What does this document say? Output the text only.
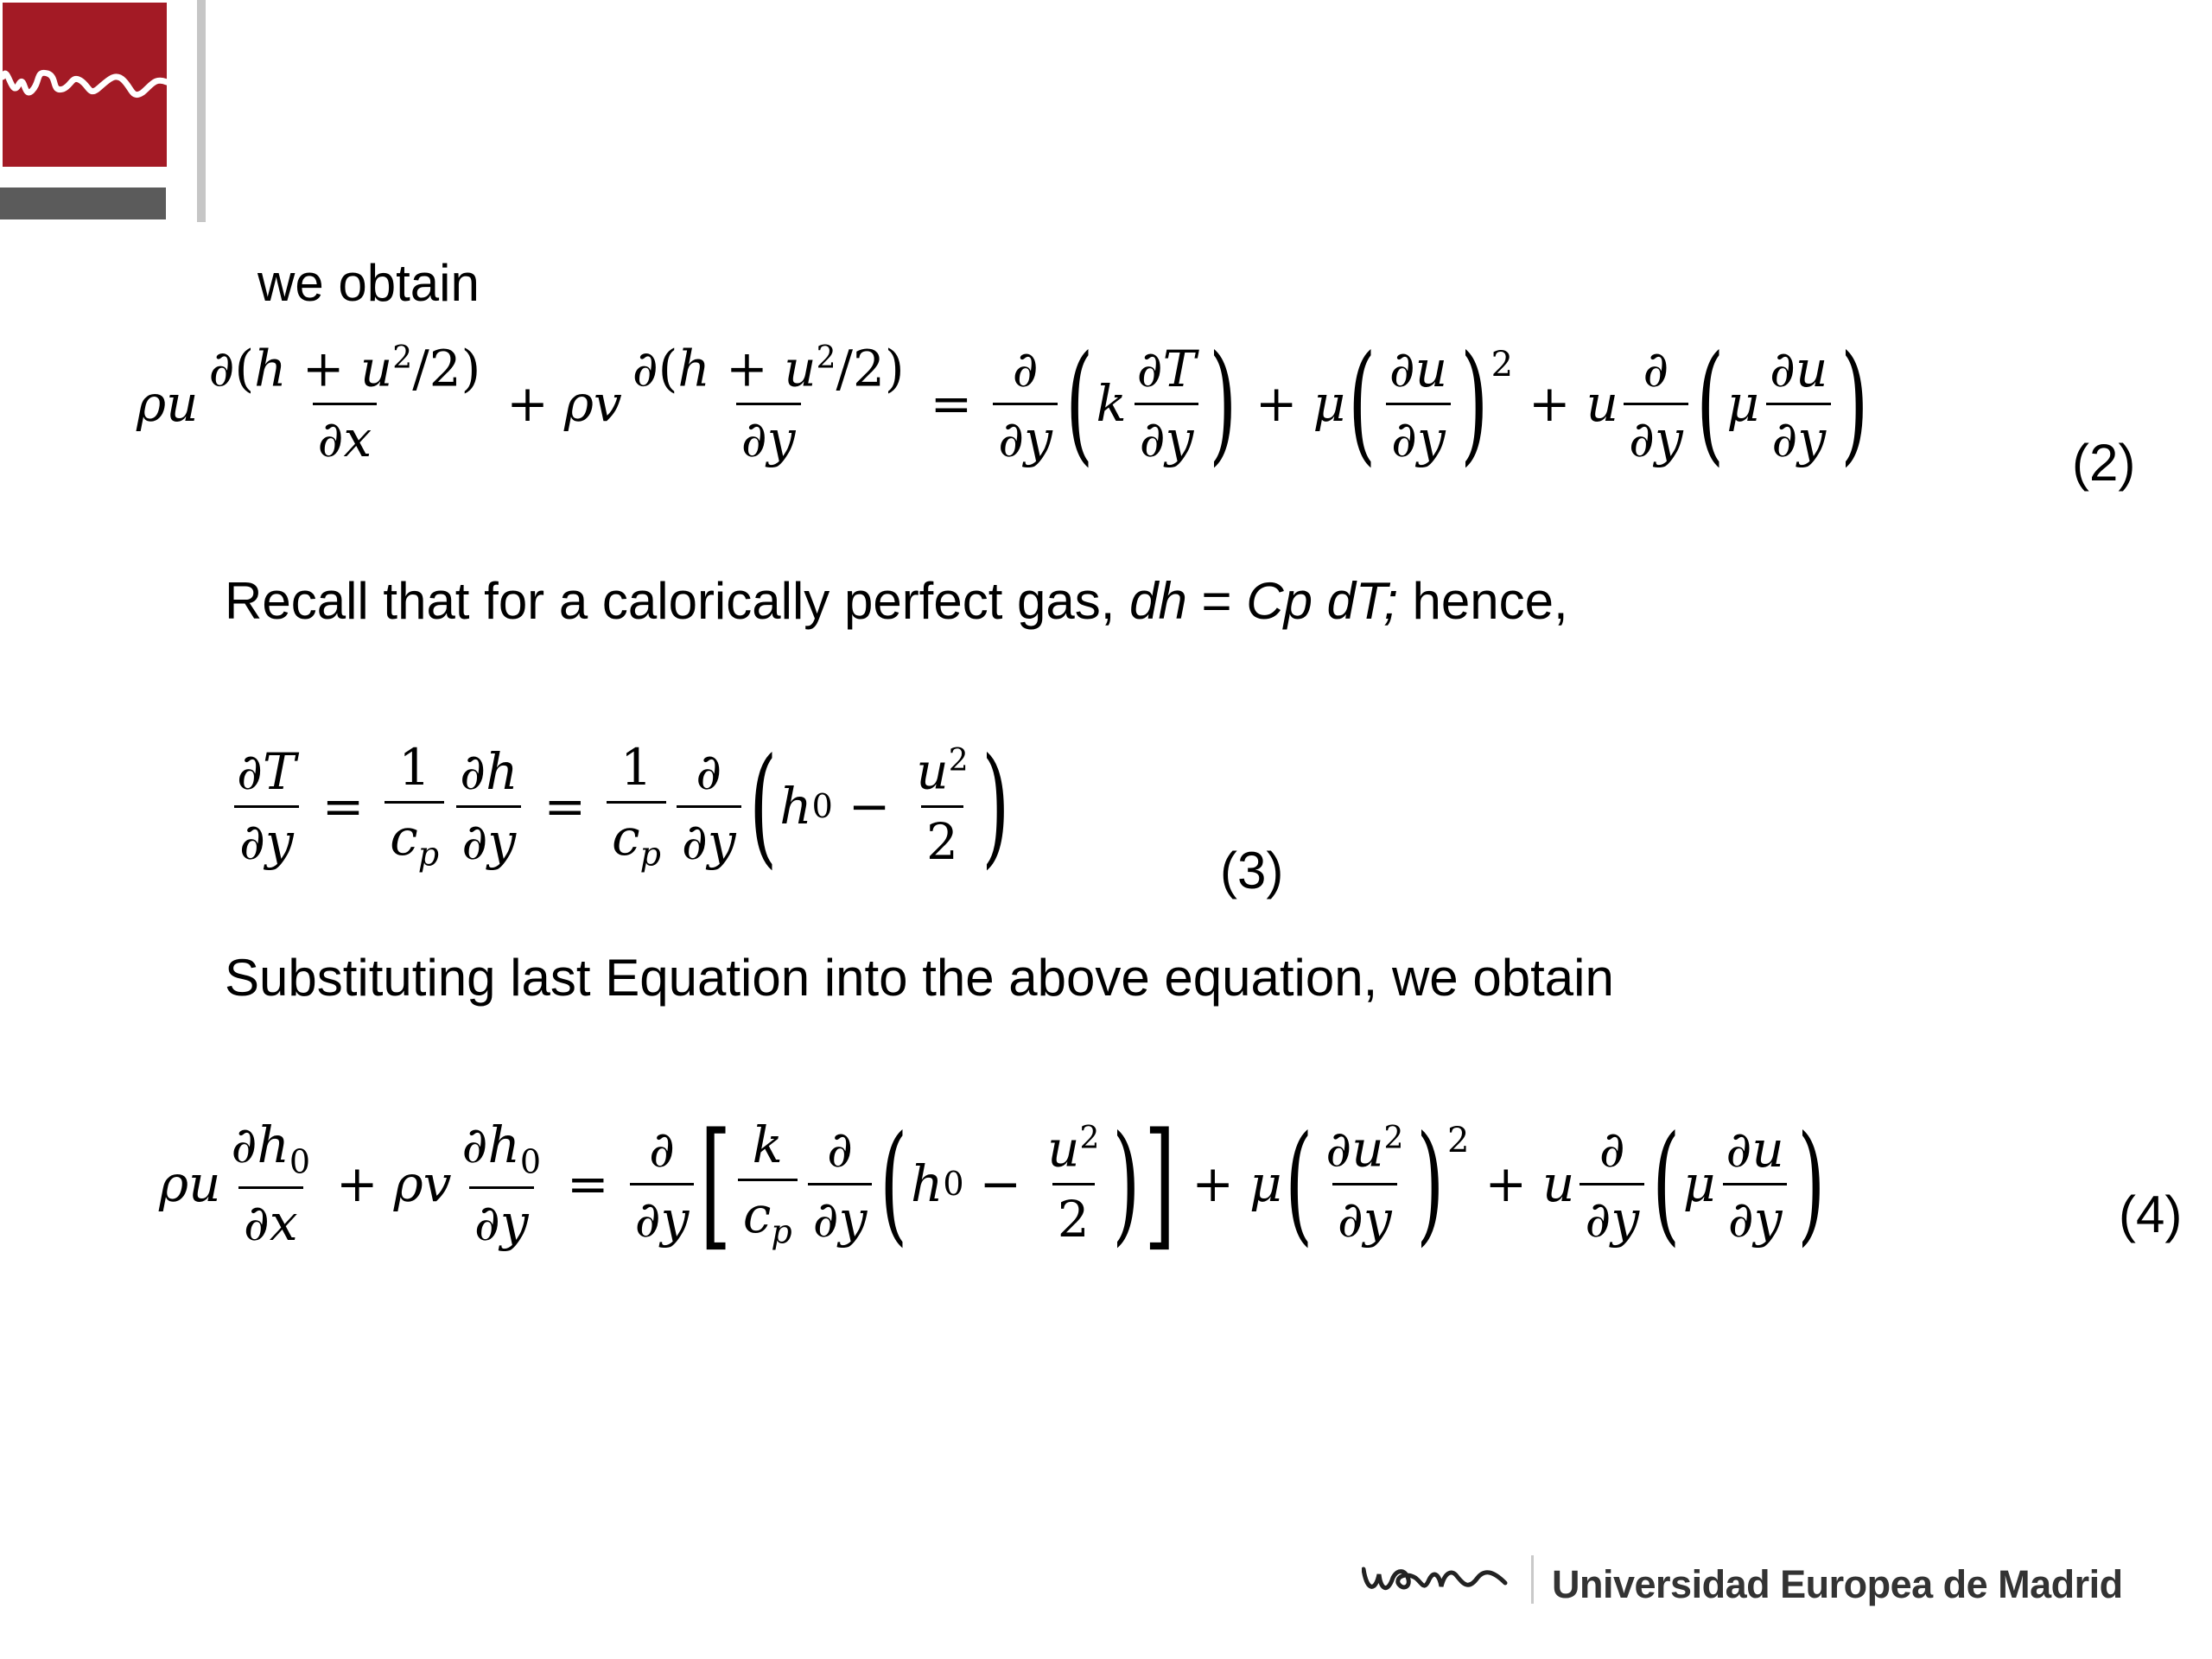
we obtain
ρu $\frac{\partial(h + u^2/2)}{\partial x} + \rho v \frac{\partial(h + u^2/2)}{\partial y} = \frac{\partial}{\partial y}$ ( k $\frac{\partial T}{\partial y}$ ) + μ ( $\frac{\partial u}{\partial y}$ ) 2
+ u $\frac{\partial}{\partial y}$ ( μ $\frac{\partial u}{\partial y}$ )	(2)
Recall that for a calorically perfect gas, dh = Cp dT; hence,
$\frac{\partial T}{\partial y} = \frac{1}{c_p} \frac{\partial h}{\partial y} = \frac{1}{c_p} \frac{\partial}{\partial y}$ ( h $0 - \frac{u^2}{2}$ )	(3)
Substituting last Equation into the above equation, we obtain
ρu $\frac{\partial h_0}{\partial x} + \rho v \frac{\partial h_0}{\partial y} = \frac{\partial}{\partial y}$ [ $\frac{k}{c_p} \frac{\partial}{\partial y}$ ( h $0 - \frac{u^2}{2}$ ) ] + μ ( $\frac{\partial u^2}{\partial y}$ ) 2
+ u $\frac{\partial}{\partial y}$ ( μ $\frac{\partial u}{\partial y}$ )	(4)
Universidad Europea de Madrid
